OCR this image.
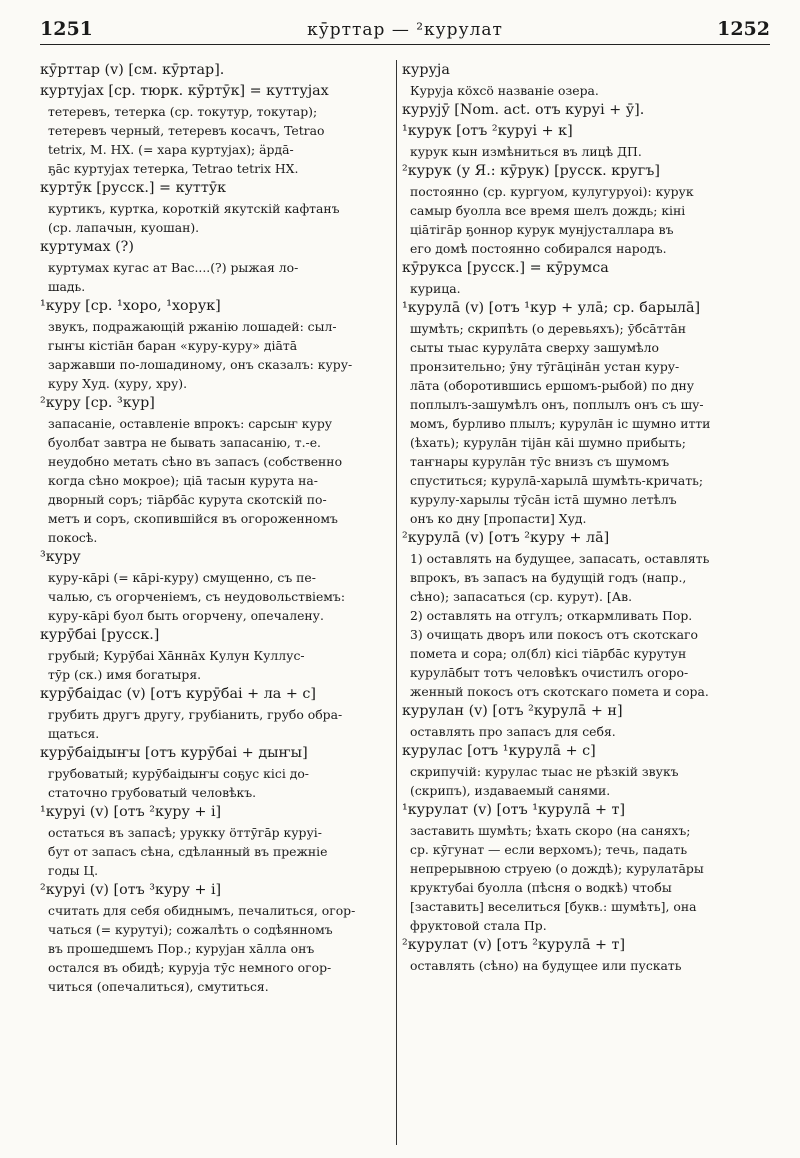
1251	кӯрттар — ²курулат	1252

кӯрттар (v) [см. кӯртар].

куртуjах [ср. тюрк. кӯртӯк] = куттуjах

тетеревъ, тетерка (ср. токутур, токутар);

тетеревъ черный, тетеревъ косачъ, Tetrao

tetrix, М. НХ. (= хара куртуjах); ӓрдā-

ҕāс куртуjах тетерка, Tetrao tetrix НХ.

куртӯк [русск.] = куттӯк

куртикъ, куртка, короткій якутскій кафтанъ

(ср. лапачын, куошан).

куртумах (?)

куртумах кугас ат Вас....(?) рыжая ло-

шадь.

¹куру [ср. ¹хоро, ¹хорук]

звукъ, подражающій ржанію лошадей: сыл-

гыҥы кістiāн баран «куру-куру» дiāтā

заржавши по-лошадиному, онъ сказалъ: куру-

куру Худ. (хуру, хру).

²куру [ср. ³кур]

запасаніе, оставленіе впрокъ: сарсыҥ куру

буолбат завтра не бывать запасанію, т.-е.

неудобно метать сѣно въ запасъ (собственно

когда сѣно мокрое); ціā тасын курута на-

дворный соръ; тіāрбāс курута скотскій по-

метъ и соръ, скопившійся въ огороженномъ

покосѣ.

³куру

куру-кāрі (= кāрі-куру) смущенно, съ пе-

чалью, съ огорченіемъ, съ неудовольствіемъ:

куру-кāрі буол быть огорчену, опечалену.

курӯбаі [русск.]

грубый; Курӯбаі Хāннāх Кулун Куллус-

тӯр (ск.) имя богатыря.

курӯбаідас (v) [отъ курӯбаі + ла + с]

грубить другъ другу, грубіанить, грубо обра-

щаться.

курӯбаідыҥы [отъ курӯбаі + дыҥы]

грубоватый; курӯбаідыҥы соҕус кісі до-

статочно грубоватый человѣкъ.

¹куруі (v) [отъ ²куру + і]

остаться въ запасѣ; урукку öттӯгāр куруі-

бут от запасъ сѣна, сдѣланный въ прежніе

годы Ц.

²куруі (v) [отъ ³куру + і]

считать для себя обиднымъ, печалиться, огор-

чаться (= курутуі); сожалѣть о содѣянномъ

въ прошедшемъ Пор.; куруjан хāлла онъ

остался въ обидѣ; куруjа тӯс немного огор-

читься (опечалиться), смутиться.

куруjа

Куруjа кöхсö названіе озера.

курујӯ [Nom. act. отъ куруі + ӯ].

¹курук [отъ ²куруі + к]

курук кын измѣниться въ лицѣ ДП.

²курук (у Я.: кӯрук) [русск. кругъ]

постоянно (ср. кургуом, кулугуруоі): курук

самыр буолла все время шелъ дождь; кiнi

ціāтiгāр ҕоннор курук мунjусталлара въ

его домѣ постоянно собирался народъ.

кӯрукса [русск.] = кӯрумса

курица.

¹курулā (v) [отъ ¹кур + улā; ср. барылā]

шумѣть; скрипѣть (о деревьяхъ); ӯбсāттāн

сыты тыас курулāта сверху зашумѣло

пронзительно; ӯну тӯгāцiнāн устан куру-

лāта (оборотившись ершомъ-рыбой) по дну

поплылъ-зашумѣлъ онъ, поплылъ онъ съ шу-

момъ, бурливо плылъ; курулāн iс шумно итти

(ѣхать); курулāн тiјāн кāi шумно прибыть;

таҥнары курулāн тӯс внизъ съ шумомъ

спуститься; курулā-харылā шумѣть-кричать;

курулу-харылы тӯсāн iстā шумно летѣлъ

онъ ко дну [пропасти] Худ.

²курулā (v) [отъ ²куру + лā]

1) оставлять на будущее, запасать, оставлять

впрокъ, въ запасъ на будущій годъ (напр.,

сѣно); запасаться (ср. курут). [Ав.

2) оставлять на отгулъ; откармливать Пор.

3) очищать дворъ или покосъ отъ скотскаго

помета и сора; ол(бл) кiсi тiāрбāс курутун

курулāбыт тотъ человѣкъ очистилъ огоро-

женный покосъ отъ скотскаго помета и сора.

курулан (v) [отъ ²курулā + н]

оставлять про запасъ для себя.

курулас [отъ ¹курулā + с]

скрипучій: курулас тыас не рѣзкій звукъ

(скрипъ), издаваемый санями.

¹курулат (v) [отъ ¹курулā + т]

заставить шумѣть; ѣхать скоро (на саняхъ;

ср. кӯгунат — если верхомъ); течь, падать

непрерывною струею (о дождѣ); курулатāры

круктубаі буолла (пѣсня о водкѣ) чтобы

[заставить] веселиться [букв.: шумѣть], она

фруктовой стала Пр.

²курулат (v) [отъ ²курулā + т]

оставлять (сѣно) на будущее или пускать
